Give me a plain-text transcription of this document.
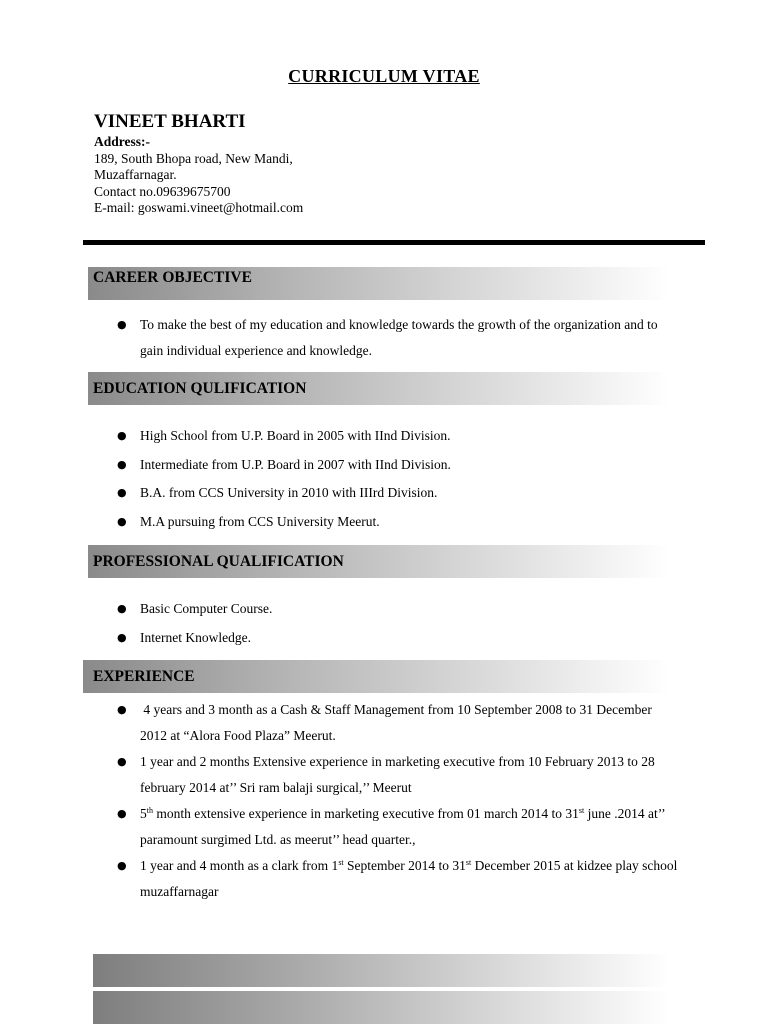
CURRICULUM VITAE
VINEET BHARTI
Address:-
189, South Bhopa road, New Mandi,
Muzaffarnagar.
Contact no.09639675700
E-mail: goswami.vineet@hotmail.com
CAREER OBJECTIVE
● To make the best of my education and knowledge towards the growth of the organization and to gain individual experience and knowledge.
EDUCATION QULIFICATION
● High School from U.P. Board in 2005 with IInd Division.
● Intermediate from U.P. Board in 2007 with IInd Division.
● B.A. from CCS University in 2010 with IIIrd Division.
● M.A pursuing from CCS University Meerut.
PROFESSIONAL QUALIFICATION
● Basic Computer Course.
● Internet Knowledge.
EXPERIENCE
● 4 years and 3 month as a Cash & Staff Management from 10 September 2008 to 31 December 2012 at “Alora Food Plaza” Meerut.
● 1 year and 2 months Extensive experience in marketing executive from 10 February 2013 to 28 february 2014 at’’ Sri ram balaji surgical,’’ Meerut
● 5th month extensive experience in marketing executive from 01 march 2014 to 31st june .2014 at’’ paramount surgimed Ltd. as meerut’’ head quarter.,
● 1 year and 4 month as a clark from 1st September 2014 to 31st December 2015 at kidzee play school muzaffarnagar
